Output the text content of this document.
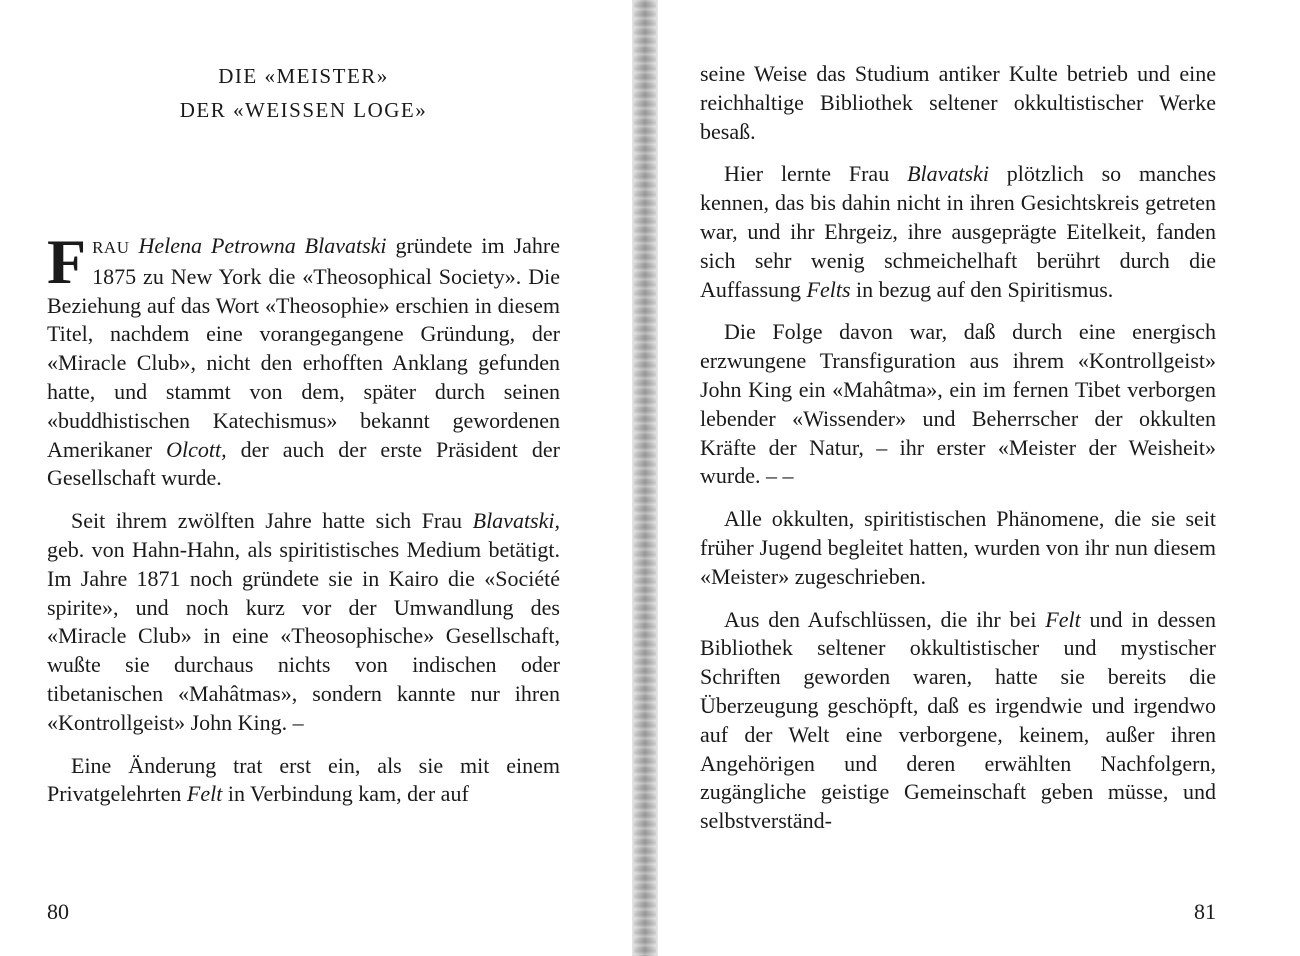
DIE «MEISTER»
DER «WEISSEN LOGE»

FRAU Helena Petrowna Blavatski gründete im Jahre 1875 zu New York die «Theosophical Society». Die Beziehung auf das Wort «Theosophie» erschien in diesem Titel, nachdem eine vorangegangene Gründung, der «Miracle Club», nicht den erhofften Anklang gefunden hatte, und stammt von dem, später durch seinen «buddhistischen Katechismus» bekannt gewordenen Amerikaner Olcott, der auch der erste Präsident der Gesellschaft wurde.

Seit ihrem zwölften Jahre hatte sich Frau Blavatski, geb. von Hahn-Hahn, als spiritistisches Medium betätigt. Im Jahre 1871 noch gründete sie in Kairo die «Société spirite», und noch kurz vor der Umwandlung des «Miracle Club» in eine «Theosophische» Gesellschaft, wußte sie durchaus nichts von indischen oder tibetanischen «Mahâtmas», sondern kannte nur ihren «Kontrollgeist» John King. –

Eine Änderung trat erst ein, als sie mit einem Privatgelehrten Felt in Verbindung kam, der auf

80

seine Weise das Studium antiker Kulte betrieb und eine reichhaltige Bibliothek seltener okkultistischer Werke besaß.

Hier lernte Frau Blavatski plötzlich so manches kennen, das bis dahin nicht in ihren Gesichtskreis getreten war, und ihr Ehrgeiz, ihre ausgeprägte Eitelkeit, fanden sich sehr wenig schmeichelhaft berührt durch die Auffassung Felts in bezug auf den Spiritismus.

Die Folge davon war, daß durch eine energisch erzwungene Transfiguration aus ihrem «Kontrollgeist» John King ein «Mahâtma», ein im fernen Tibet verborgen lebender «Wissender» und Beherrscher der okkulten Kräfte der Natur, – ihr erster «Meister der Weisheit» wurde. – –

Alle okkulten, spiritistischen Phänomene, die sie seit früher Jugend begleitet hatten, wurden von ihr nun diesem «Meister» zugeschrieben.

Aus den Aufschlüssen, die ihr bei Felt und in dessen Bibliothek seltener okkultistischer und mystischer Schriften geworden waren, hatte sie bereits die Überzeugung geschöpft, daß es irgendwie und irgendwo auf der Welt eine verborgene, keinem, außer ihren Angehörigen und deren erwählten Nachfolgern, zugängliche geistige Gemeinschaft geben müsse, und selbstverständ-

81
